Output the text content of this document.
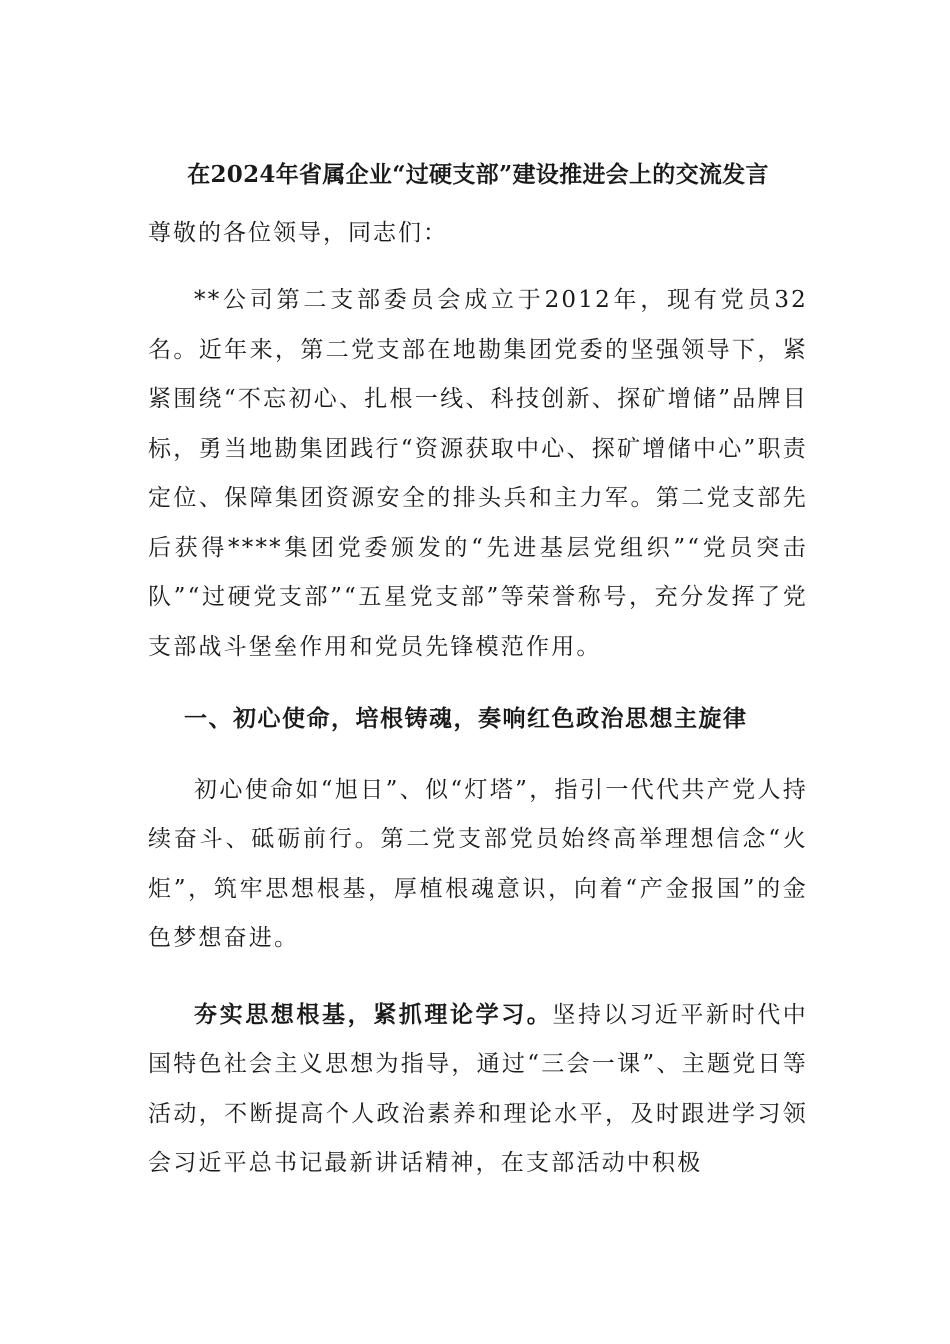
在2024年省属企业“过硬支部”建设推进会上的交流发言

尊敬的各位领导，同志们：

**公司第二支部委员会成立于2012年，现有党员32名。近年来，第二党支部在地勘集团党委的坚强领导下，紧紧围绕“不忘初心、扎根一线、科技创新、探矿增储”品牌目标，勇当地勘集团践行“资源获取中心、探矿增储中心”职责定位、保障集团资源安全的排头兵和主力军。第二党支部先后获得****集团党委颁发的“先进基层党组织”“党员突击队”“过硬党支部”“五星党支部”等荣誉称号，充分发挥了党支部战斗堡垒作用和党员先锋模范作用。

一、初心使命，培根铸魂，奏响红色政治思想主旋律

初心使命如“旭日”、似“灯塔”，指引一代代共产党人持续奋斗、砥砺前行。第二党支部党员始终高举理想信念“火炬”，筑牢思想根基，厚植根魂意识，向着“产金报国”的金色梦想奋进。

夯实思想根基，紧抓理论学习。坚持以习近平新时代中国特色社会主义思想为指导，通过“三会一课”、主题党日等活动，不断提高个人政治素养和理论水平，及时跟进学习领会习近平总书记最新讲话精神，在支部活动中积极
